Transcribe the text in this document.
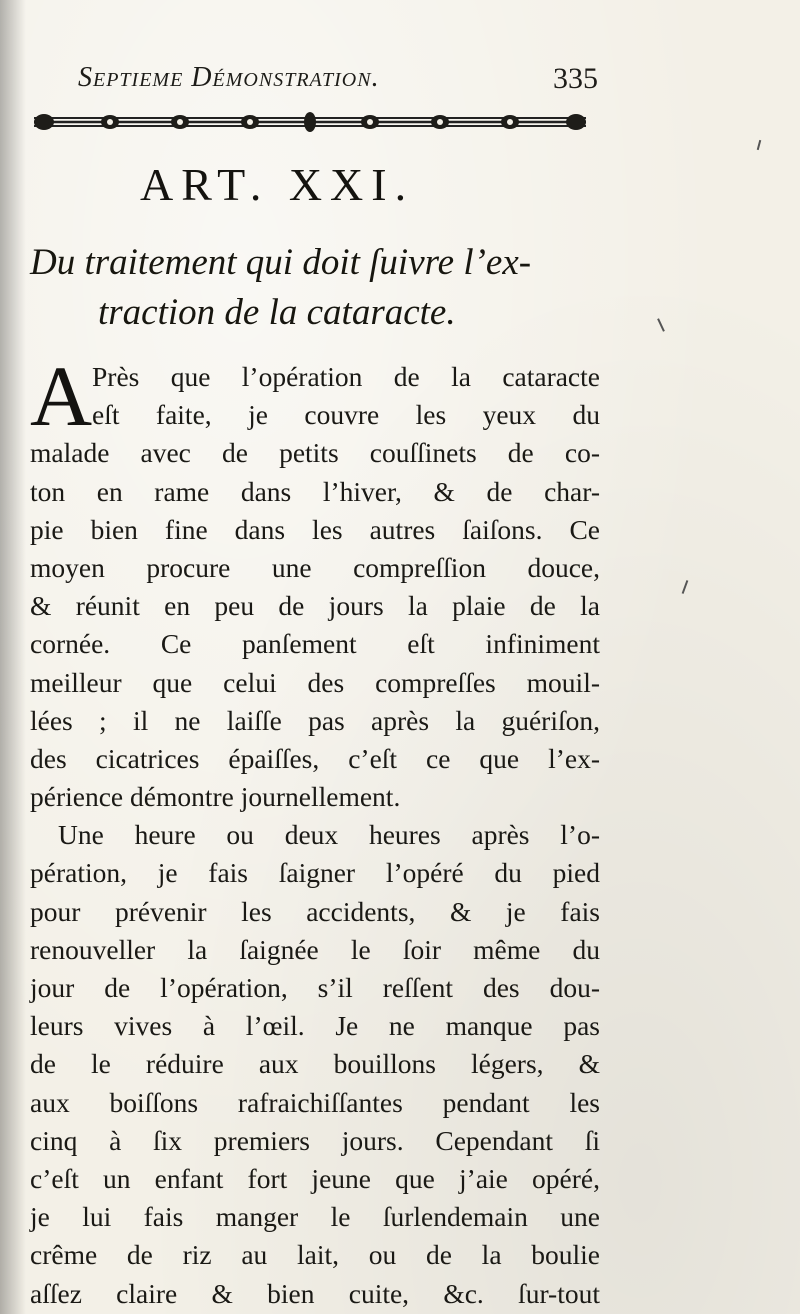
Septieme Démonstration.	335
ART. XXI.
Du traitement qui doit ſuivre l’ex-
traction de la cataracte.
A Près que l’opération de la cataracte
eſt faite, je couvre les yeux du
malade avec de petits couſſinets de co-
ton en rame dans l’hiver, & de char-
pie bien fine dans les autres ſaiſons. Ce
moyen procure une compreſſion douce,
& réunit en peu de jours la plaie de la
cornée. Ce panſement eſt infiniment
meilleur que celui des compreſſes mouil-
lées ; il ne laiſſe pas après la guériſon,
des cicatrices épaiſſes, c’eſt ce que l’ex-
périence démontre journellement.
Une heure ou deux heures après l’o-
pération, je fais ſaigner l’opéré du pied
pour prévenir les accidents, & je fais
renouveller la ſaignée le ſoir même du
jour de l’opération, s’il reſſent des dou-
leurs vives à l’œil. Je ne manque pas
de le réduire aux bouillons légers, &
aux boiſſons rafraichiſſantes pendant les
cinq à ſix premiers jours. Cependant ſi
c’eſt un enfant fort jeune que j’aie opéré,
je lui fais manger le ſurlendemain une
crême de riz au lait, ou de la boulie
aſſez claire & bien cuite, &c. ſur-tout
